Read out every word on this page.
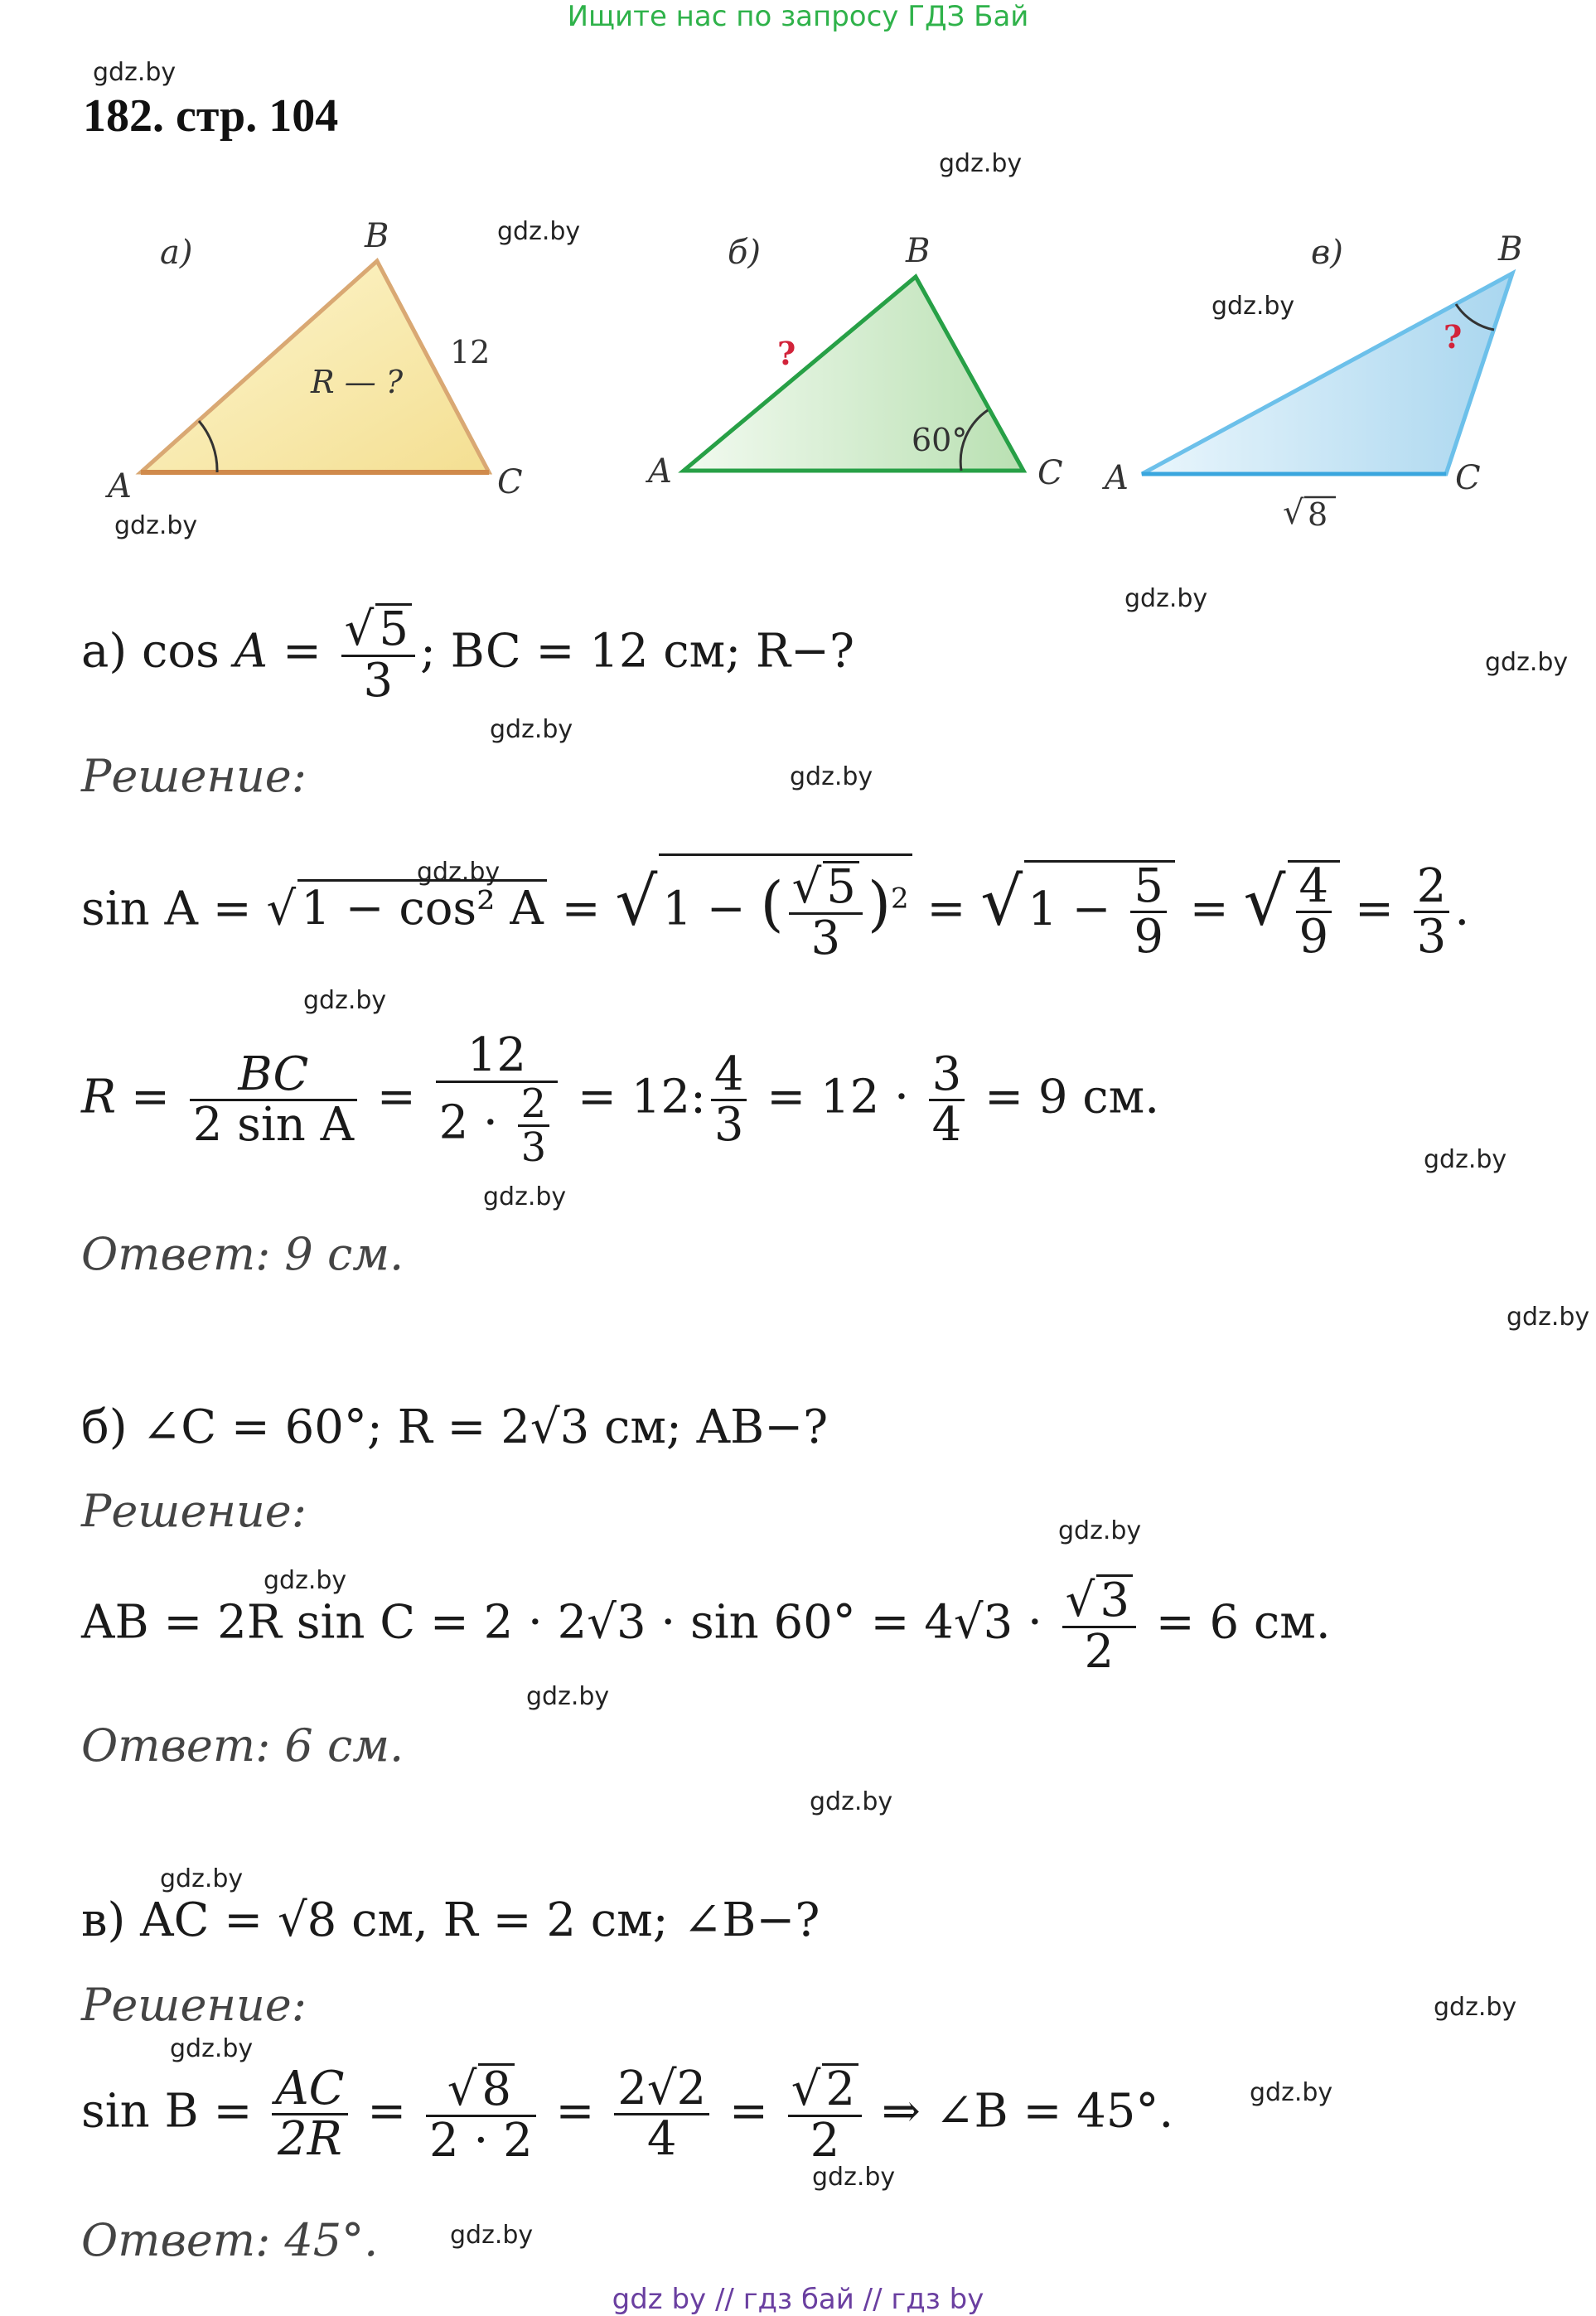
Ищите нас по запросу ГДЗ Бай
gdz.by
gdz.by
gdz.by
gdz.by
gdz.by
gdz.by
gdz.by
gdz.by
gdz.by
gdz.by
gdz.by
gdz.by
gdz.by
gdz.by
gdz.by
gdz.by
gdz.by
gdz.by
gdz.by
gdz.by
gdz.by
gdz.by
gdz.by
gdz.by
182. стр. 104
а)
A
B
C
12
R — ?
б)
A
B
C
60°
?
в)
A
B
C
√ 8
?
а) $\cos A = \frac{√ 5}{3}$ ; BC = 12 см; R−?
Решение:
sin A = √ 1 − cos² A = √ 1 − ( $\frac{√ 5}{3} )^2$ = √ $1 - \frac{5}{9}$ = √ $\frac{4}{9} = \frac{2}{3}$ .
$R = \frac{BC}{\text{2 sin A}} = \frac{12}{2 \cdot \frac{2}{3}} = 12$: $\frac{4}{3} = 12 \cdot \frac{3}{4} = 9$ см.
Ответ: 9 см.
б) ∠C = 60°; R = 2√3 см; AB−?
Решение:
AB = 2R $\sin C = 2 \cdot 2√3 \cdot \sin 60^\circ = 4√3 \cdot \frac{√ 3}{2} = 6$ см.
Ответ: 6 см.
в) AC = √8 см, R = 2 см; ∠B−?
Решение:
$\sin B = \frac{AC}{2R} = \frac{√ 8}{2 \cdot 2} = \frac{2√2}{4} = \frac{√ 2}{2}$ ⇒ ∠B = 45°.
Ответ: 45°.
gdz by // гдз бай // гдз by
